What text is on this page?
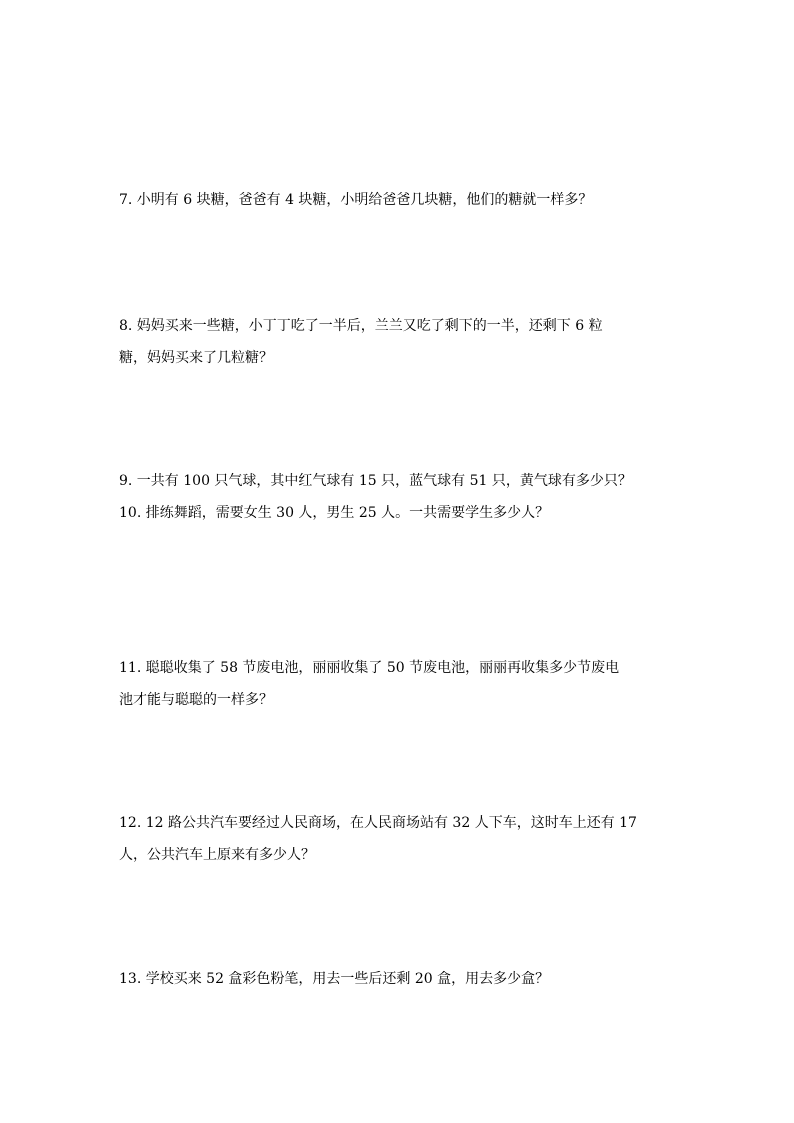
7. 小明有 6 块糖，爸爸有 4 块糖，小明给爸爸几块糖，他们的糖就一样多？
8. 妈妈买来一些糖，小丁丁吃了一半后，兰兰又吃了剩下的一半，还剩下 6 粒
糖，妈妈买来了几粒糖？
9. 一共有 100 只气球，其中红气球有 15 只，蓝气球有 51 只，黄气球有多少只？
10. 排练舞蹈，需要女生 30 人，男生 25 人。一共需要学生多少人？
11. 聪聪收集了 58 节废电池，丽丽收集了 50 节废电池，丽丽再收集多少节废电
池才能与聪聪的一样多？
12. 12 路公共汽车要经过人民商场，在人民商场站有 32 人下车，这时车上还有 17
人，公共汽车上原来有多少人？
13. 学校买来 52 盒彩色粉笔，用去一些后还剩 20 盒，用去多少盒？
